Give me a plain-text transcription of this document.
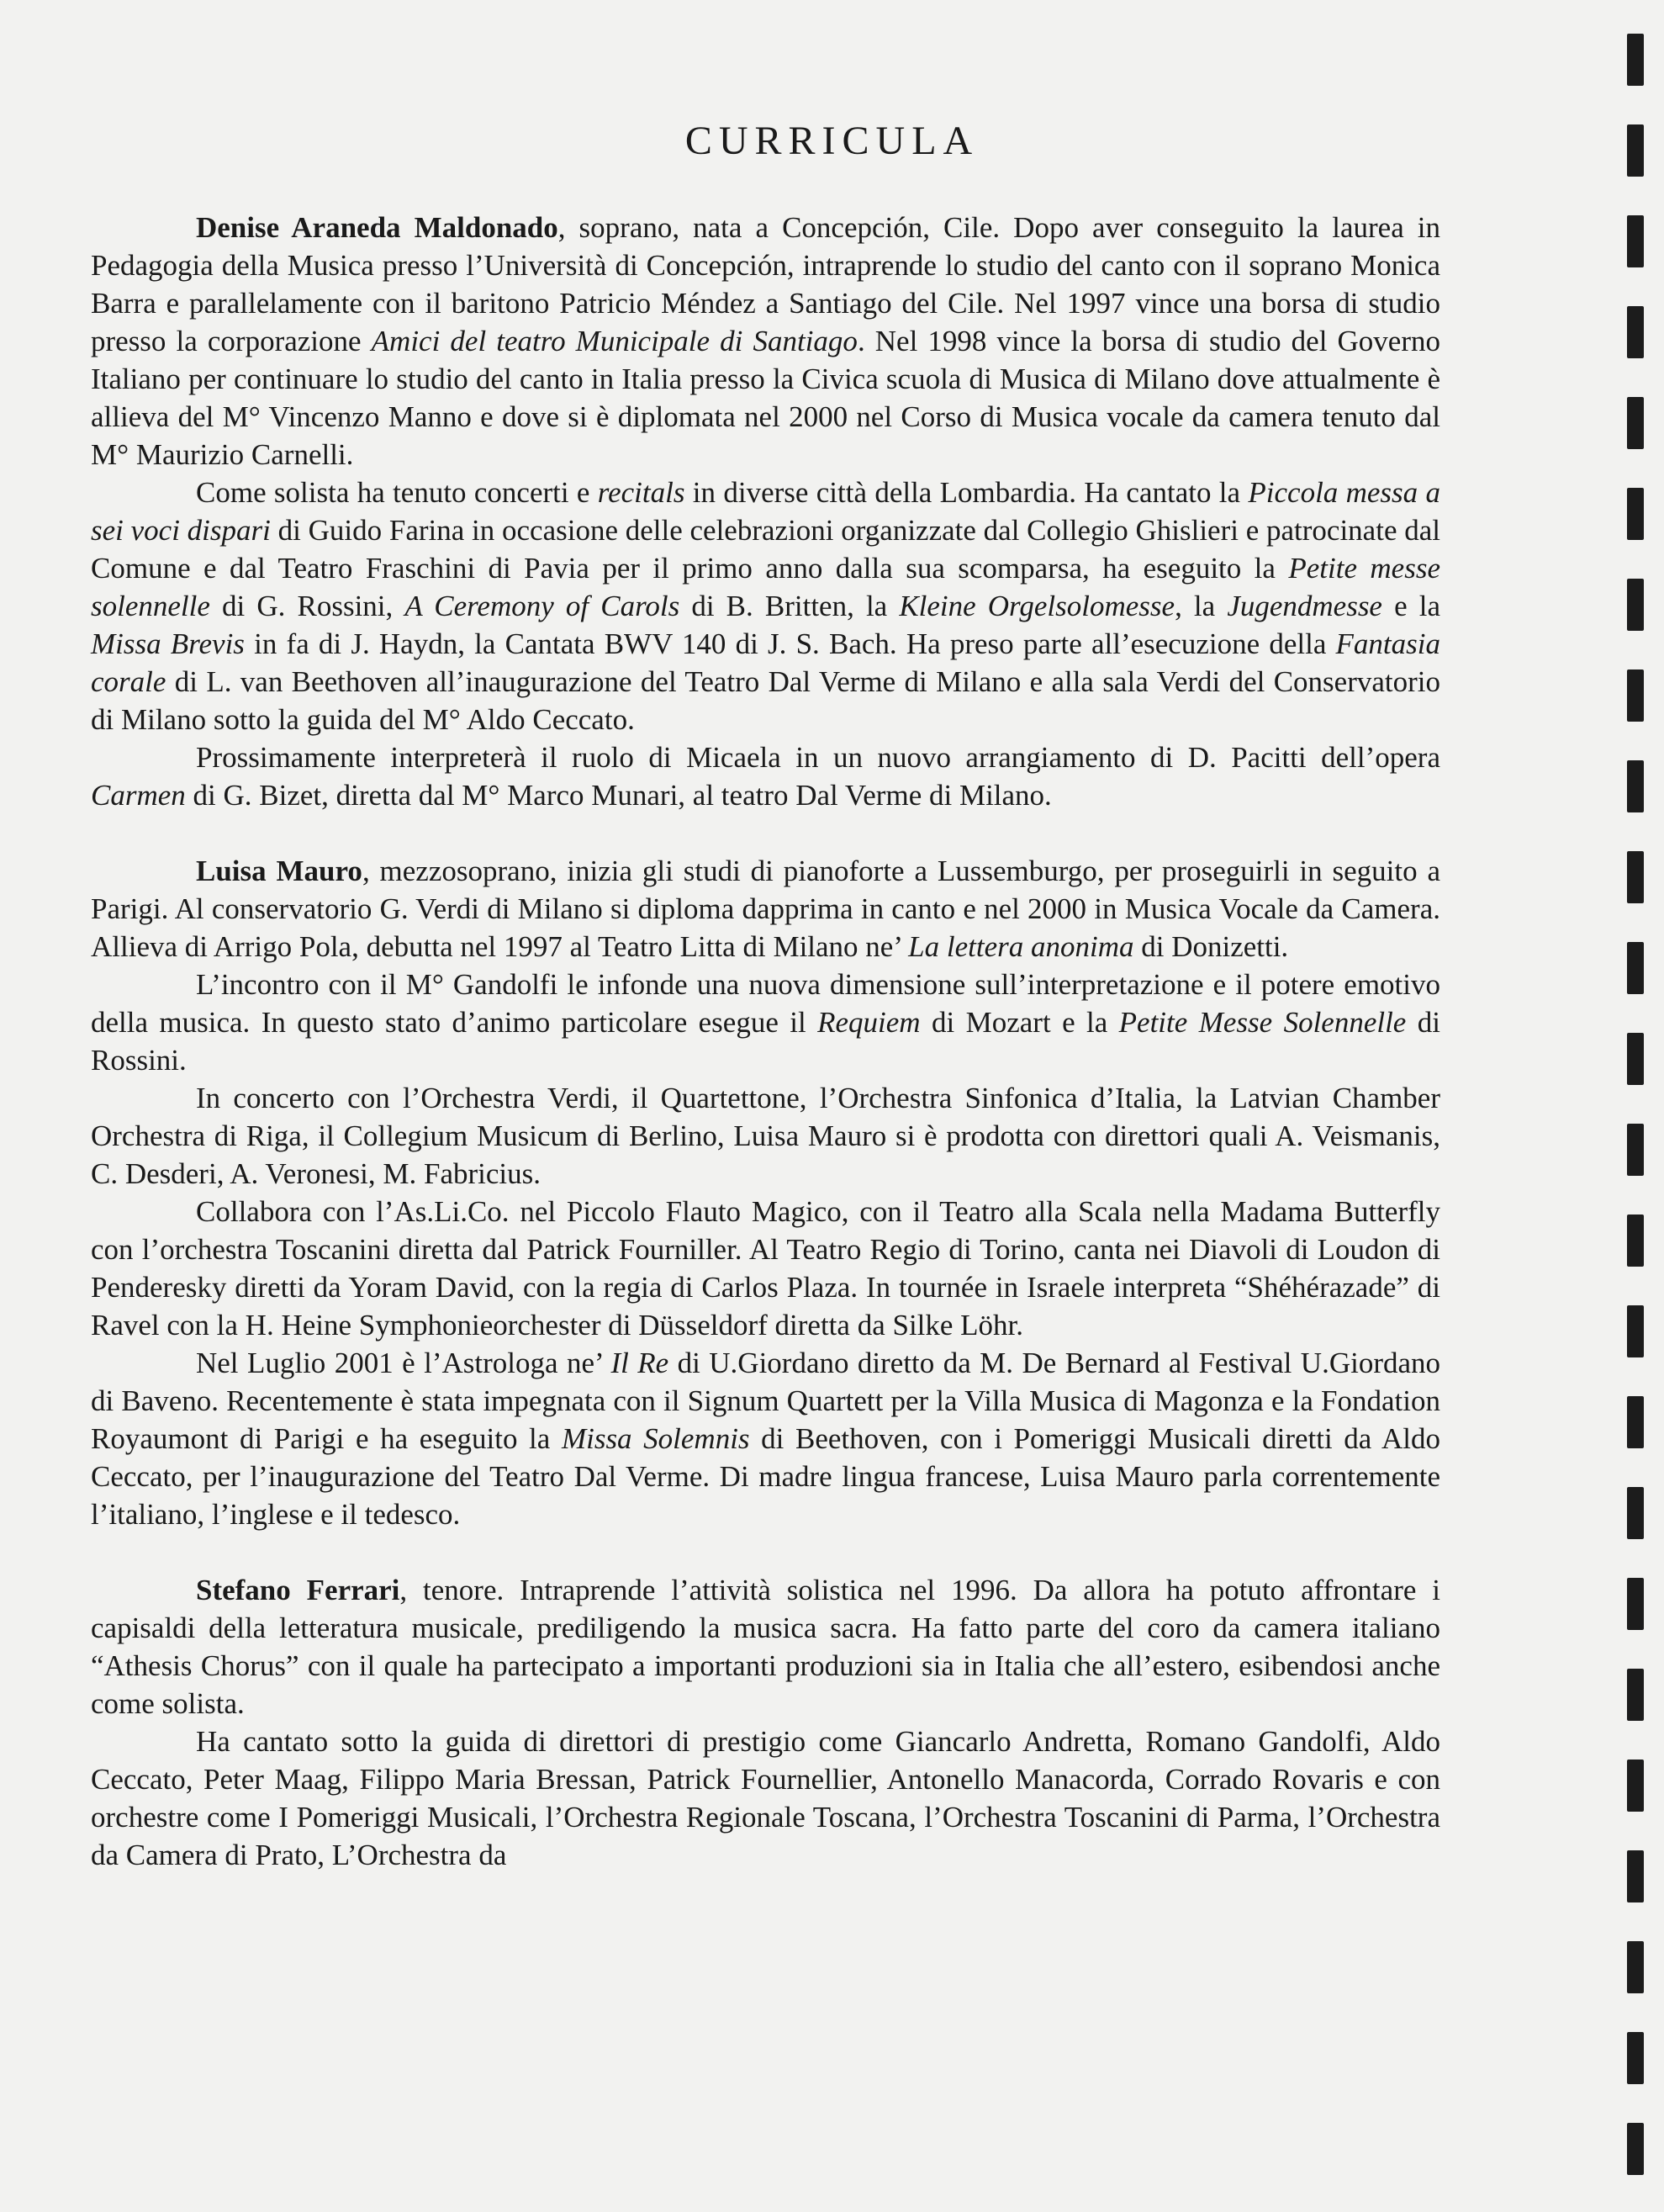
CURRICULA

Denise Araneda Maldonado, soprano, nata a Concepción, Cile. Dopo aver conseguito la laurea in Pedagogia della Musica presso l’Università di Concepción, intraprende lo studio del canto con il soprano Monica Barra e parallelamente con il baritono Patricio Méndez a Santiago del Cile. Nel 1997 vince una borsa di studio presso la corporazione Amici del teatro Municipale di Santiago. Nel 1998 vince la borsa di studio del Governo Italiano per continuare lo studio del canto in Italia presso la Civica scuola di Musica di Milano dove attualmente è allieva del M° Vincenzo Manno e dove si è diplomata nel 2000 nel Corso di Musica vocale da camera tenuto dal M° Maurizio Carnelli.

Come solista ha tenuto concerti e recitals in diverse città della Lombardia. Ha cantato la Piccola messa a sei voci dispari di Guido Farina in occasione delle celebrazioni organizzate dal Collegio Ghislieri e patrocinate dal Comune e dal Teatro Fraschini di Pavia per il primo anno dalla sua scomparsa, ha eseguito la Petite messe solennelle di G. Rossini, A Ceremony of Carols di B. Britten, la Kleine Orgelsolomesse, la Jugendmesse e la Missa Brevis in fa di J. Haydn, la Cantata BWV 140 di J. S. Bach. Ha preso parte all’esecuzione della Fantasia corale di L. van Beethoven all’inaugurazione del Teatro Dal Verme di Milano e alla sala Verdi del Conservatorio di Milano sotto la guida del M° Aldo Ceccato.

Prossimamente interpreterà il ruolo di Micaela in un nuovo arrangiamento di D. Pacitti dell’opera Carmen di G. Bizet, diretta dal M° Marco Munari, al teatro Dal Verme di Milano.

Luisa Mauro, mezzosoprano, inizia gli studi di pianoforte a Lussemburgo, per proseguirli in seguito a Parigi. Al conservatorio G. Verdi di Milano si diploma dapprima in canto e nel 2000 in Musica Vocale da Camera. Allieva di Arrigo Pola, debutta nel 1997 al Teatro Litta di Milano ne’ La lettera anonima di Donizetti.

L’incontro con il M° Gandolfi le infonde una nuova dimensione sull’interpretazione e il potere emotivo della musica. In questo stato d’animo particolare esegue il Requiem di Mozart e la Petite Messe Solennelle di Rossini.

In concerto con l’Orchestra Verdi, il Quartettone, l’Orchestra Sinfonica d’Italia, la Latvian Chamber Orchestra di Riga, il Collegium Musicum di Berlino, Luisa Mauro si è prodotta con direttori quali A. Veismanis, C. Desderi, A. Veronesi, M. Fabricius.

Collabora con l’As.Li.Co. nel Piccolo Flauto Magico, con il Teatro alla Scala nella Madama Butterfly con l’orchestra Toscanini diretta dal Patrick Fourniller. Al Teatro Regio di Torino, canta nei Diavoli di Loudon di Penderesky diretti da Yoram David, con la regia di Carlos Plaza. In tournée in Israele interpreta “Shéhérazade” di Ravel con la H. Heine Symphonieorchester di Düsseldorf diretta da Silke Löhr.

Nel Luglio 2001 è l’Astrologa ne’ Il Re di U.Giordano diretto da M. De Bernard al Festival U.Giordano di Baveno. Recentemente è stata impegnata con il Signum Quartett per la Villa Musica di Magonza e la Fondation Royaumont di Parigi e ha eseguito la Missa Solemnis di Beethoven, con i Pomeriggi Musicali diretti da Aldo Ceccato, per l’inaugurazione del Teatro Dal Verme. Di madre lingua francese, Luisa Mauro parla correntemente l’italiano, l’inglese e il tedesco.

Stefano Ferrari, tenore. Intraprende l’attività solistica nel 1996. Da allora ha potuto affrontare i capisaldi della letteratura musicale, prediligendo la musica sacra. Ha fatto parte del coro da camera italiano “Athesis Chorus” con il quale ha partecipato a importanti produzioni sia in Italia che all’estero, esibendosi anche come solista.

Ha cantato sotto la guida di direttori di prestigio come Giancarlo Andretta, Romano Gandolfi, Aldo Ceccato, Peter Maag, Filippo Maria Bressan, Patrick Fournellier, Antonello Manacorda, Corrado Rovaris e con orchestre come I Pomeriggi Musicali, l’Orchestra Regionale Toscana, l’Orchestra Toscanini di Parma, l’Orchestra da Camera di Prato, L’Orchestra da
